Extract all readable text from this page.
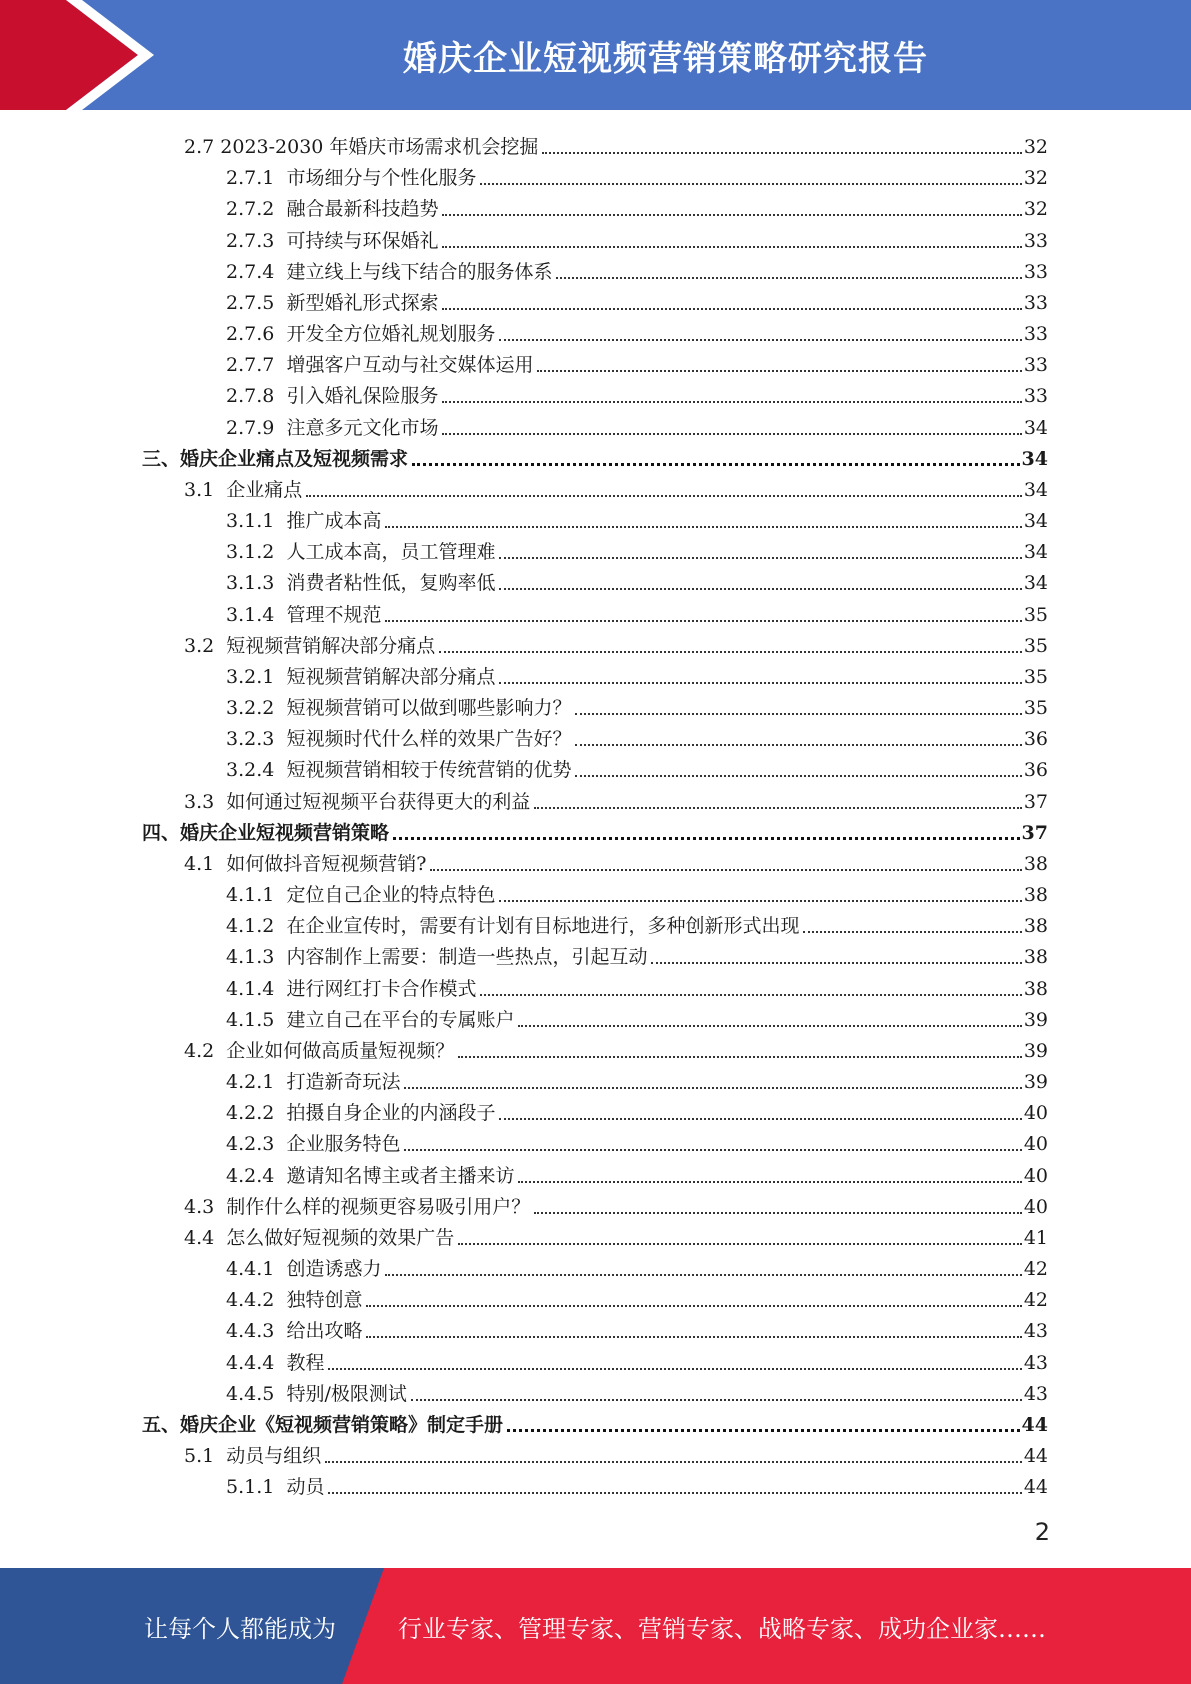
婚庆企业短视频营销策略研究报告
2.7 2023-2030 年婚庆市场需求机会挖掘	32
2.7.1 市场细分与个性化服务	32
2.7.2 融合最新科技趋势	32
2.7.3 可持续与环保婚礼	33
2.7.4 建立线上与线下结合的服务体系	33
2.7.5 新型婚礼形式探索	33
2.7.6 开发全方位婚礼规划服务	33
2.7.7 增强客户互动与社交媒体运用	33
2.7.8 引入婚礼保险服务	33
2.7.9 注意多元文化市场	34
三、婚庆企业痛点及短视频需求	34
3.1 企业痛点	34
3.1.1 推广成本高	34
3.1.2 人工成本高，员工管理难	34
3.1.3 消费者粘性低，复购率低	34
3.1.4 管理不规范	35
3.2 短视频营销解决部分痛点	35
3.2.1 短视频营销解决部分痛点	35
3.2.2 短视频营销可以做到哪些影响力？	35
3.2.3 短视频时代什么样的效果广告好？	36
3.2.4 短视频营销相较于传统营销的优势	36
3.3 如何通过短视频平台获得更大的利益	37
四、婚庆企业短视频营销策略	37
4.1 如何做抖音短视频营销?	38
4.1.1 定位自己企业的特点特色	38
4.1.2 在企业宣传时，需要有计划有目标地进行，多种创新形式出现	38
4.1.3 内容制作上需要：制造一些热点，引起互动	38
4.1.4 进行网红打卡合作模式	38
4.1.5 建立自己在平台的专属账户	39
4.2 企业如何做高质量短视频？	39
4.2.1 打造新奇玩法	39
4.2.2 拍摄自身企业的内涵段子	40
4.2.3 企业服务特色	40
4.2.4 邀请知名博主或者主播来访	40
4.3 制作什么样的视频更容易吸引用户？	40
4.4 怎么做好短视频的效果广告	41
4.4.1 创造诱惑力	42
4.4.2 独特创意	42
4.4.3 给出攻略	43
4.4.4 教程	43
4.4.5 特别/极限测试	43
五、婚庆企业《短视频营销策略》制定手册	44
5.1 动员与组织	44
5.1.1 动员	44
2
让每个人都能成为	行业专家、管理专家、营销专家、战略专家、成功企业家……
